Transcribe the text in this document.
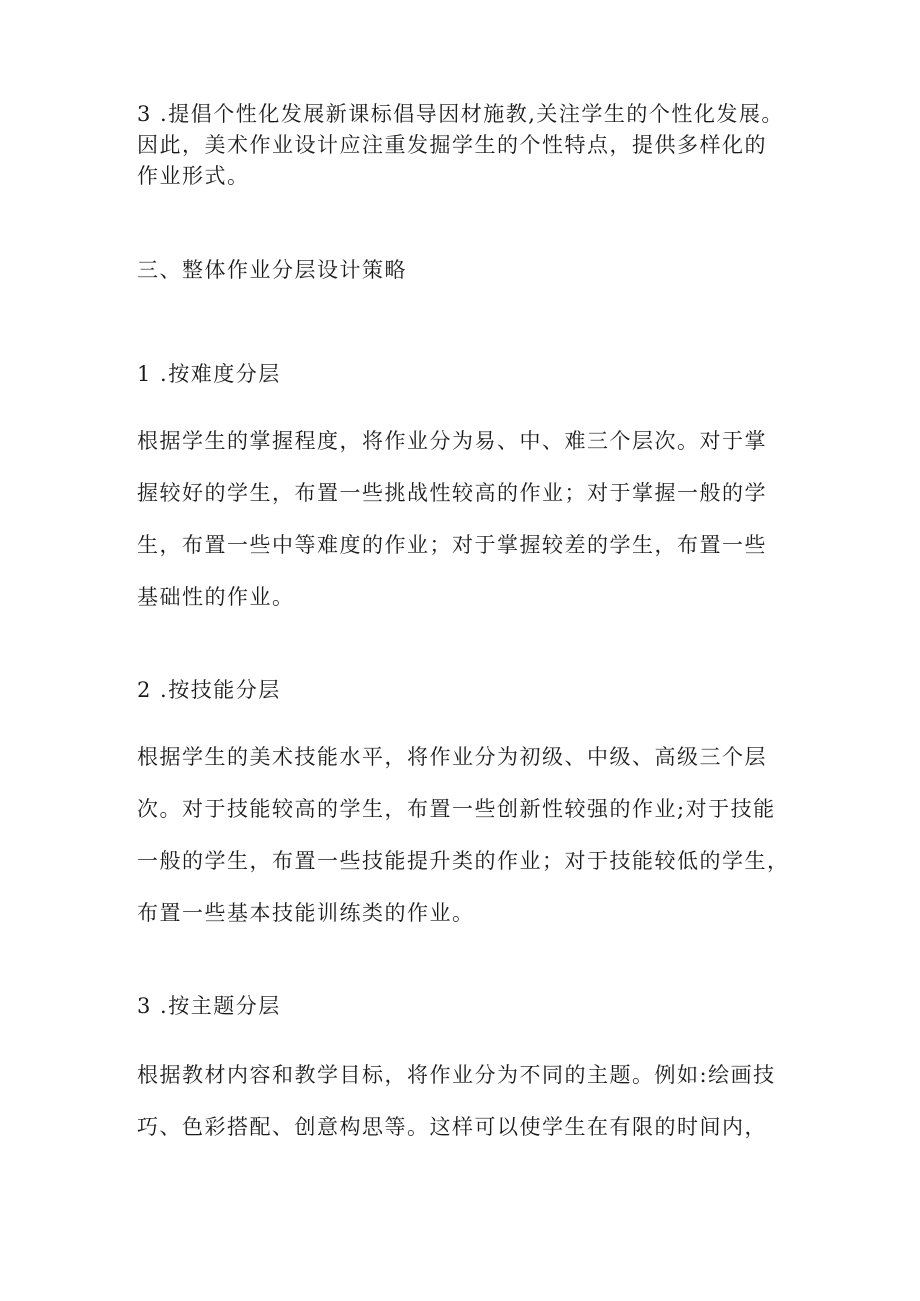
3 .提倡个性化发展新课标倡导因材施教,关注学生的个性化发展。
因此，美术作业设计应注重发掘学生的个性特点，提供多样化的
作业形式。

三、整体作业分层设计策略

1 .按难度分层

根据学生的掌握程度，将作业分为易、中、难三个层次。对于掌
握较好的学生，布置一些挑战性较高的作业；对于掌握一般的学
生，布置一些中等难度的作业；对于掌握较差的学生，布置一些
基础性的作业。

2 .按技能分层

根据学生的美术技能水平，将作业分为初级、中级、高级三个层
次。对于技能较高的学生，布置一些创新性较强的作业;对于技能
一般的学生，布置一些技能提升类的作业；对于技能较低的学生，
布置一些基本技能训练类的作业。

3 .按主题分层

根据教材内容和教学目标，将作业分为不同的主题。例如:绘画技
巧、色彩搭配、创意构思等。这样可以使学生在有限的时间内，
